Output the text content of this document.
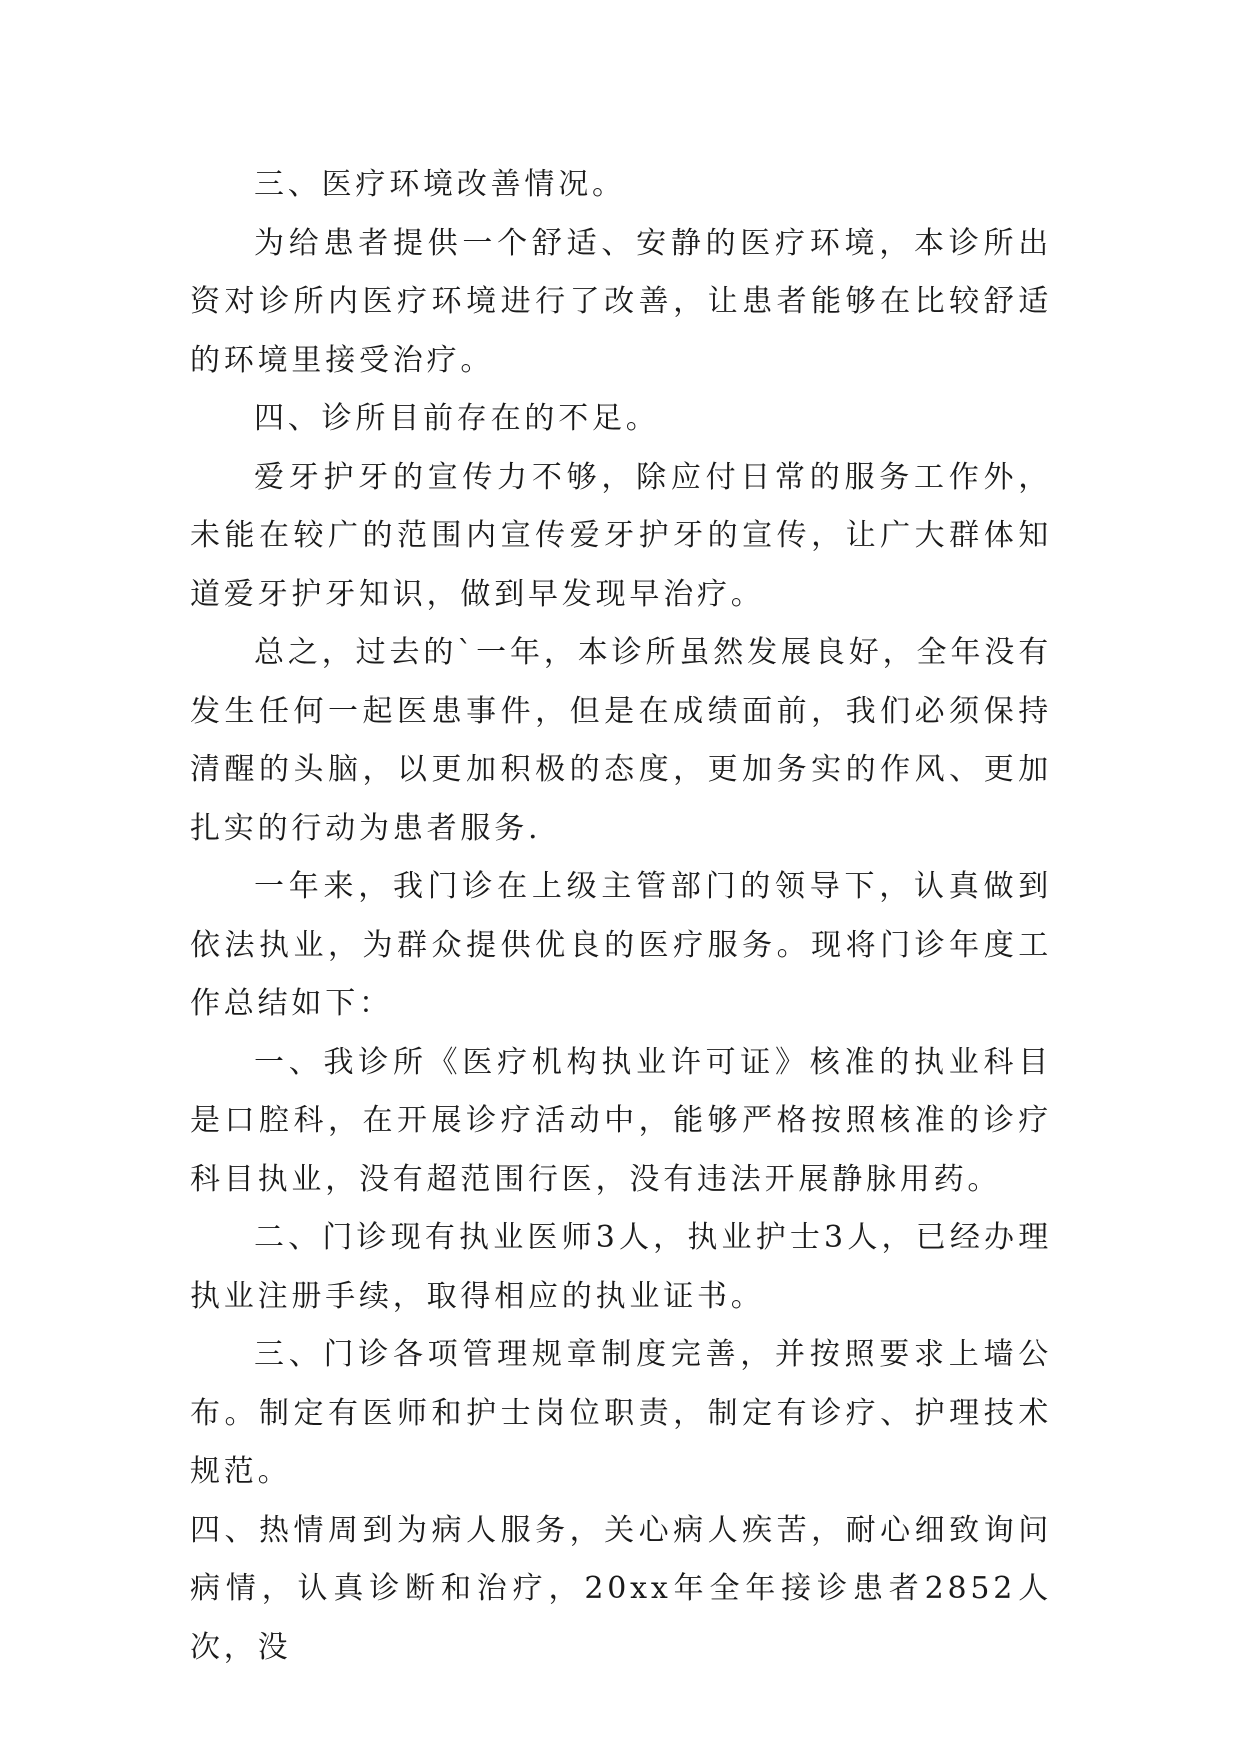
三、医疗环境改善情况。

为给患者提供一个舒适、安静的医疗环境，本诊所出资对诊所内医疗环境进行了改善，让患者能够在比较舒适的环境里接受治疗。

四、诊所目前存在的不足。

爱牙护牙的宣传力不够，除应付日常的服务工作外，未能在较广的范围内宣传爱牙护牙的宣传，让广大群体知道爱牙护牙知识，做到早发现早治疗。

总之，过去的`一年，本诊所虽然发展良好，全年没有发生任何一起医患事件，但是在成绩面前，我们必须保持清醒的头脑，以更加积极的态度，更加务实的作风、更加扎实的行动为患者服务.

一年来，我门诊在上级主管部门的领导下，认真做到依法执业，为群众提供优良的医疗服务。现将门诊年度工作总结如下：

一、我诊所《医疗机构执业许可证》核准的执业科目是口腔科，在开展诊疗活动中，能够严格按照核准的诊疗科目执业，没有超范围行医，没有违法开展静脉用药。

二、门诊现有执业医师3人，执业护士3人，已经办理执业注册手续，取得相应的执业证书。

三、门诊各项管理规章制度完善，并按照要求上墙公布。制定有医师和护士岗位职责，制定有诊疗、护理技术规范。

四、热情周到为病人服务，关心病人疾苦，耐心细致询问病情，认真诊断和治疗，20xx年全年接诊患者2852人次，没
